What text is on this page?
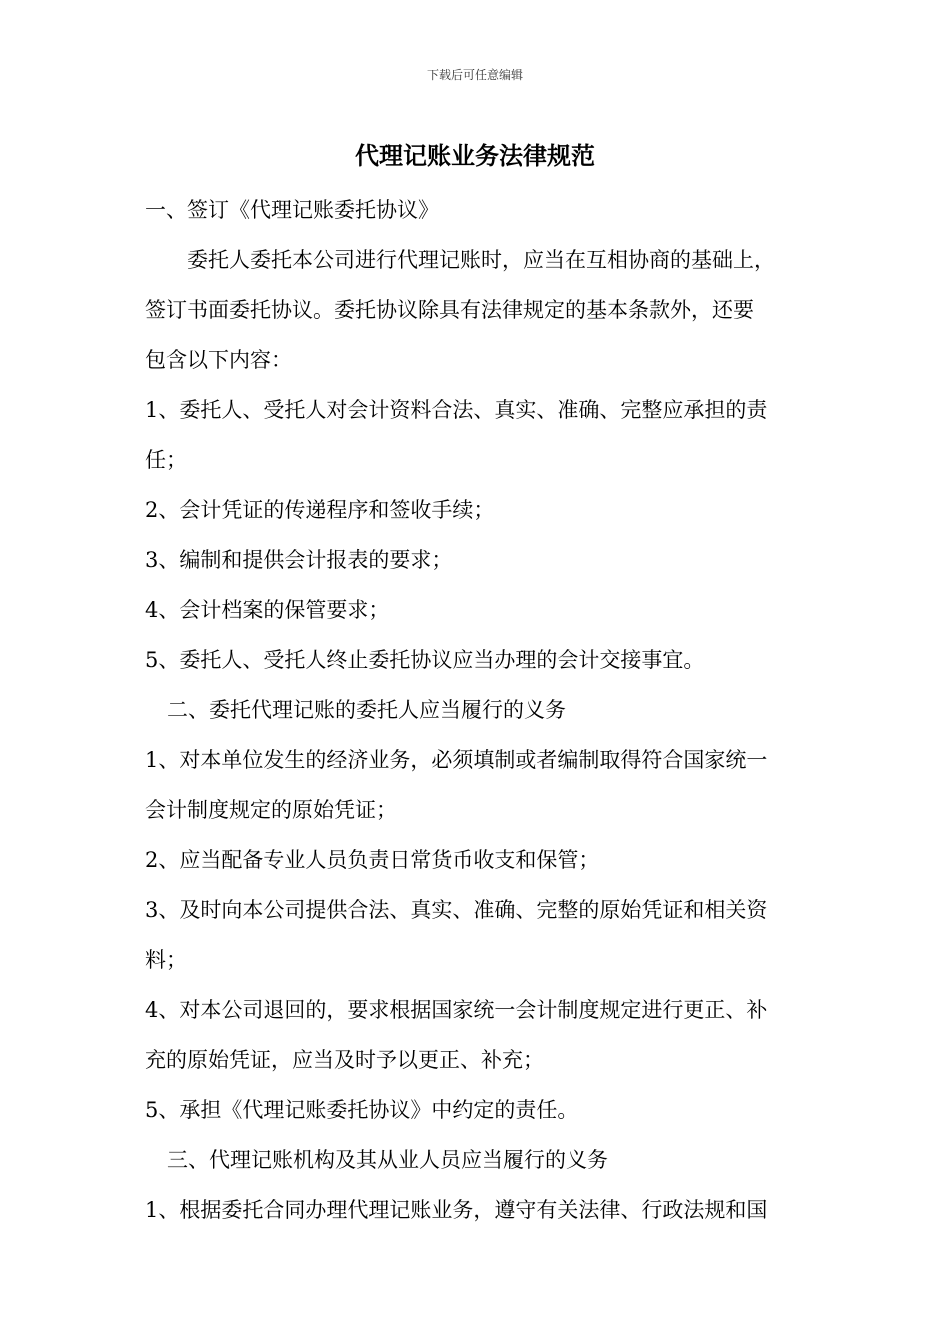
下载后可任意编辑
代理记账业务法律规范
一、签订《代理记账委托协议》
委托人委托本公司进行代理记账时，应当在互相协商的基础上，
签订书面委托协议。委托协议除具有法律规定的基本条款外，还要
包含以下内容：
1、委托人、受托人对会计资料合法、真实、准确、完整应承担的责
任；
2、会计凭证的传递程序和签收手续；
3、编制和提供会计报表的要求；
4、会计档案的保管要求；
5、委托人、受托人终止委托协议应当办理的会计交接事宜。
二、委托代理记账的委托人应当履行的义务
1、对本单位发生的经济业务，必须填制或者编制取得符合国家统一
会计制度规定的原始凭证；
2、应当配备专业人员负责日常货币收支和保管；
3、及时向本公司提供合法、真实、准确、完整的原始凭证和相关资
料；
4、对本公司退回的，要求根据国家统一会计制度规定进行更正、补
充的原始凭证，应当及时予以更正、补充；
5、承担《代理记账委托协议》中约定的责任。
三、代理记账机构及其从业人员应当履行的义务
1、根据委托合同办理代理记账业务，遵守有关法律、行政法规和国
